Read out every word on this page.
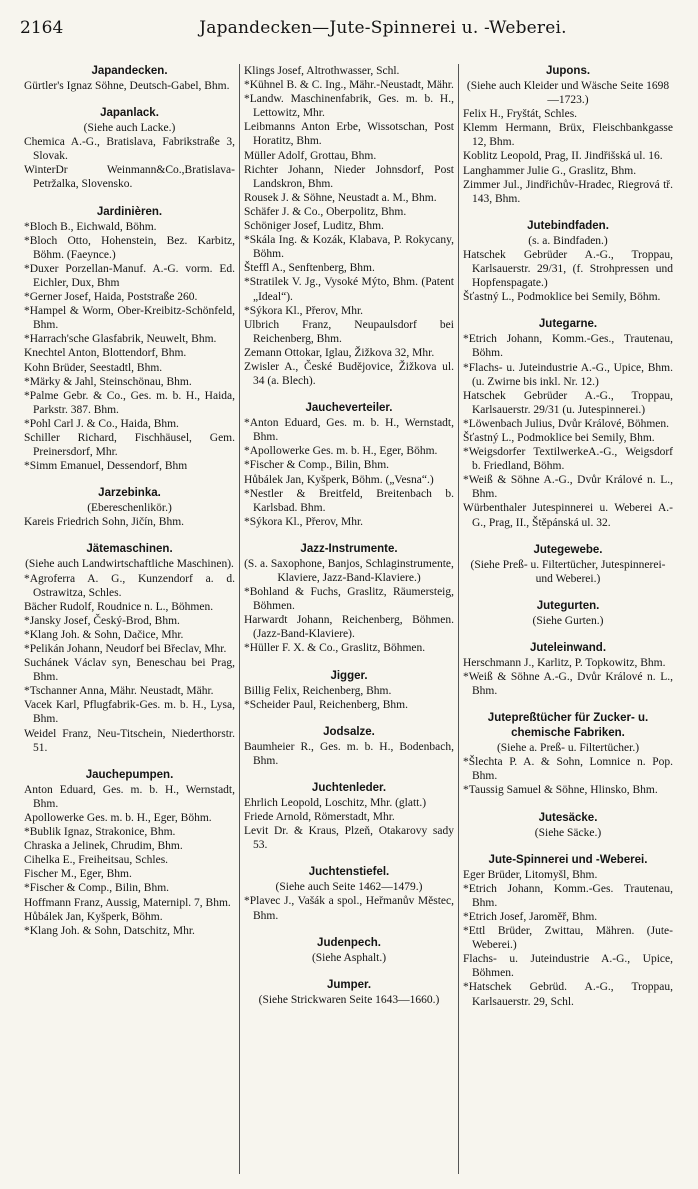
2164	Japandecken—Jute-Spinnerei u. -Weberei.
Japandecken.
Gürtler's Ignaz Söhne, Deutsch-Gabel, Bhm.
Japanlack.
(Siehe auch Lacke.)
Chemica A.-G., Bratislava, Fabrikstraße 3, Slovak.
WinterDr Weinmann&Co.,Bratislava-Petržalka, Slovensko.
Jardinièren.
*Bloch B., Eichwald, Böhm.
*Bloch Otto, Hohenstein, Bez. Karbitz, Böhm. (Faeynce.)
*Duxer Porzellan-Manuf. A.-G. vorm. Ed. Eichler, Dux, Bhm
*Gerner Josef, Haida, Poststraße 260.
*Hampel & Worm, Ober-Kreibitz-Schönfeld, Bhm.
*Harrach'sche Glasfabrik, Neuwelt, Bhm.
Knechtel Anton, Blottendorf, Bhm.
Kohn Brüder, Seestadtl, Bhm.
*Märky & Jahl, Steinschönau, Bhm.
*Palme Gebr. & Co., Ges. m. b. H., Haida, Parkstr. 387. Bhm.
*Pohl Carl J. & Co., Haida, Bhm.
Schiller Richard, Fischhäusel, Gem. Preinersdorf, Mhr.
*Simm Emanuel, Dessendorf, Bhm
Jarzebinka.
(Ebereschenlikör.)
Kareis Friedrich Sohn, Jičín, Bhm.
Jätemaschinen.
(Siehe auch Landwirtschaftliche Maschinen).
*Agroferra A. G., Kunzendorf a. d. Ostrawitza, Schles.
Bächer Rudolf, Roudnice n. L., Böhmen.
*Jansky Josef, Český-Brod, Bhm.
*Klang Joh. & Sohn, Dačice, Mhr.
*Pelikán Johann, Neudorf bei Břeclav, Mhr.
Suchánek Václav syn, Beneschau bei Prag, Bhm.
*Tschanner Anna, Mähr. Neustadt, Mähr.
Vacek Karl, Pflugfabrik-Ges. m. b. H., Lysa, Bhm.
Weidel Franz, Neu-Titschein, Niederthorstr. 51.
Jauchepumpen.
Anton Eduard, Ges. m. b. H., Wernstadt, Bhm.
Apollowerke Ges. m. b. H., Eger, Böhm.
*Bublik Ignaz, Strakonice, Bhm.
Chraska a Jelinek, Chrudim, Bhm.
Cihelka E., Freiheitsau, Schles.
Fischer M., Eger, Bhm.
*Fischer & Comp., Bilin, Bhm.
Hoffmann Franz, Aussig, Maternipl. 7, Bhm.
Hůbálek Jan, Kyšperk, Böhm.
*Klang Joh. & Sohn, Datschitz, Mhr.
Klings Josef, Altrothwasser, Schl.
*Kühnel B. & C. Ing., Mähr.-Neustadt, Mähr.
*Landw. Maschinenfabrik, Ges. m. b. H., Lettowitz, Mhr.
Leibmanns Anton Erbe, Wissotschan, Post Horatitz, Bhm.
Müller Adolf, Grottau, Bhm.
Richter Johann, Nieder Johnsdorf, Post Landskron, Bhm.
Rousek J. & Söhne, Neustadt a. M., Bhm.
Schäfer J. & Co., Oberpolitz, Bhm.
Schöniger Josef, Luditz, Bhm.
*Skála Ing. & Kozák, Klabava, P. Rokycany, Böhm.
Šteffl A., Senftenberg, Bhm.
*Stratilek V. Jg., Vysoké Mýto, Bhm. (Patent „Ideal“).
*Sýkora Kl., Přerov, Mhr.
Ulbrich Franz, Neupaulsdorf bei Reichenberg, Bhm.
Zemann Ottokar, Iglau, Žižkova 32, Mhr.
Zwisler A., České Budějovice, Žižkova ul. 34 (a. Blech).
Jaucheverteiler.
*Anton Eduard, Ges. m. b. H., Wernstadt, Bhm.
*Apollowerke Ges. m. b. H., Eger, Böhm.
*Fischer & Comp., Bilin, Bhm.
Hůbálek Jan, Kyšperk, Böhm. („Vesna“.)
*Nestler & Breitfeld, Breitenbach b. Karlsbad. Bhm.
*Sýkora Kl., Přerov, Mhr.
Jazz-Instrumente.
(S. a. Saxophone, Banjos, Schlaginstrumente, Klaviere, Jazz-Band-Klaviere.)
*Bohland & Fuchs, Graslitz, Räumersteig, Böhmen.
Harwardt Johann, Reichenberg, Böhmen. (Jazz-Band-Klaviere).
*Hüller F. X. & Co., Graslitz, Böhmen.
Jigger.
Billig Felix, Reichenberg, Bhm.
*Scheider Paul, Reichenberg, Bhm.
Jodsalze.
Baumheier R., Ges. m. b. H., Bodenbach, Bhm.
Juchtenleder.
Ehrlich Leopold, Loschitz, Mhr. (glatt.)
Friede Arnold, Römerstadt, Mhr.
Levit Dr. & Kraus, Plzeň, Otakarovy sady 53.
Juchtenstiefel.
(Siehe auch Seite 1462—1479.)
*Plavec J., Vašák a spol., Heřmanův Městec, Bhm.
Judenpech.
(Siehe Asphalt.)
Jumper.
(Siehe Strickwaren Seite 1643—1660.)
Jupons.
(Siehe auch Kleider und Wäsche Seite 1698—1723.)
Felix H., Fryštát, Schles.
Klemm Hermann, Brüx, Fleischbankgasse 12, Bhm.
Koblitz Leopold, Prag, II. Jindřišská ul. 16.
Langhammer Julie G., Graslitz, Bhm.
Zimmer Jul., Jindřichův-Hradec, Riegrová tř. 143, Bhm.
Jutebindfaden.
(s. a. Bindfaden.)
Hatschek Gebrüder A.-G., Troppau, Karlsauerstr. 29/31, (f. Strohpressen und Hopfenspagate.)
Šťastný L., Podmoklice bei Semily, Böhm.
Jutegarne.
*Etrich Johann, Komm.-Ges., Trautenau, Böhm.
*Flachs- u. Juteindustrie A.-G., Upice, Bhm. (u. Zwirne bis inkl. Nr. 12.)
Hatschek Gebrüder A.-G., Troppau, Karlsauerstr. 29/31 (u. Jutespinnerei.)
*Löwenbach Julius, Dvůr Králové, Böhmen.
Šťastný L., Podmoklice bei Semily, Bhm.
*Weigsdorfer TextilwerkeA.-G., Weigsdorf b. Friedland, Böhm.
*Weiß & Söhne A.-G., Dvůr Králové n. L., Bhm.
Würbenthaler Jutespinnerei u. Weberei A.-G., Prag, II., Štěpánská ul. 32.
Jutegewebe.
(Siehe Preß- u. Filtertücher, Jutespinnerei- und Weberei.)
Jutegurten.
(Siehe Gurten.)
Juteleinwand.
Herschmann J., Karlitz, P. Topkowitz, Bhm.
*Weiß & Söhne A.-G., Dvůr Králové n. L., Bhm.
Jutepreßtücher für Zucker- u. chemische Fabriken.
(Siehe a. Preß- u. Filtertücher.)
*Šlechta P. A. & Sohn, Lomnice n. Pop. Bhm.
*Taussig Samuel & Söhne, Hlinsko, Bhm.
Jutesäcke.
(Siehe Säcke.)
Jute-Spinnerei und -Weberei.
Eger Brüder, Litomyšl, Bhm.
*Etrich Johann, Komm.-Ges. Trautenau, Bhm.
*Etrich Josef, Jaroměř, Bhm.
*Ettl Brüder, Zwittau, Mähren. (Jute-Weberei.)
Flachs- u. Juteindustrie A.-G., Upice, Böhmen.
*Hatschek Gebrüd. A.-G., Troppau, Karlsauerstr. 29, Schl.
